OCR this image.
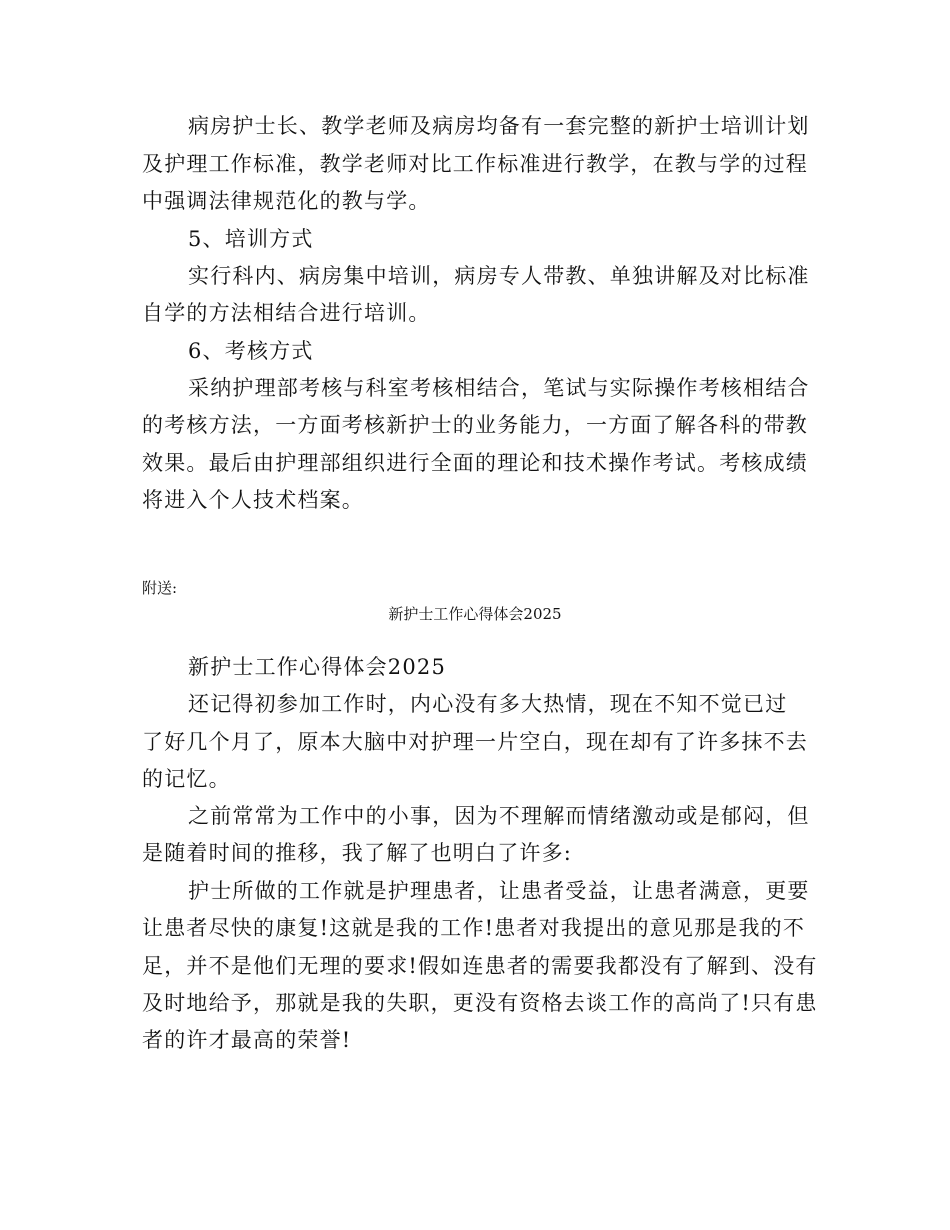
病房护士长、教学老师及病房均备有一套完整的新护士培训计划
及护理工作标准，教学老师对比工作标准进行教学，在教与学的过程
中强调法律规范化的教与学。
5、培训方式
实行科内、病房集中培训，病房专人带教、单独讲解及对比标准
自学的方法相结合进行培训。
6、考核方式
采纳护理部考核与科室考核相结合，笔试与实际操作考核相结合
的考核方法，一方面考核新护士的业务能力，一方面了解各科的带教
效果。最后由护理部组织进行全面的理论和技术操作考试。考核成绩
将进入个人技术档案。
附送:
新护士工作心得体会2025
新护士工作心得体会2025
还记得初参加工作时，内心没有多大热情，现在不知不觉已过
了好几个月了，原本大脑中对护理一片空白，现在却有了许多抹不去
的记忆。
之前常常为工作中的小事，因为不理解而情绪激动或是郁闷，但
是随着时间的推移，我了解了也明白了许多:
护士所做的工作就是护理患者，让患者受益，让患者满意，更要
让患者尽快的康复!这就是我的工作!患者对我提出的意见那是我的不
足，并不是他们无理的要求!假如连患者的需要我都没有了解到、没有
及时地给予，那就是我的失职，更没有资格去谈工作的高尚了!只有患
者的许才最高的荣誉!
